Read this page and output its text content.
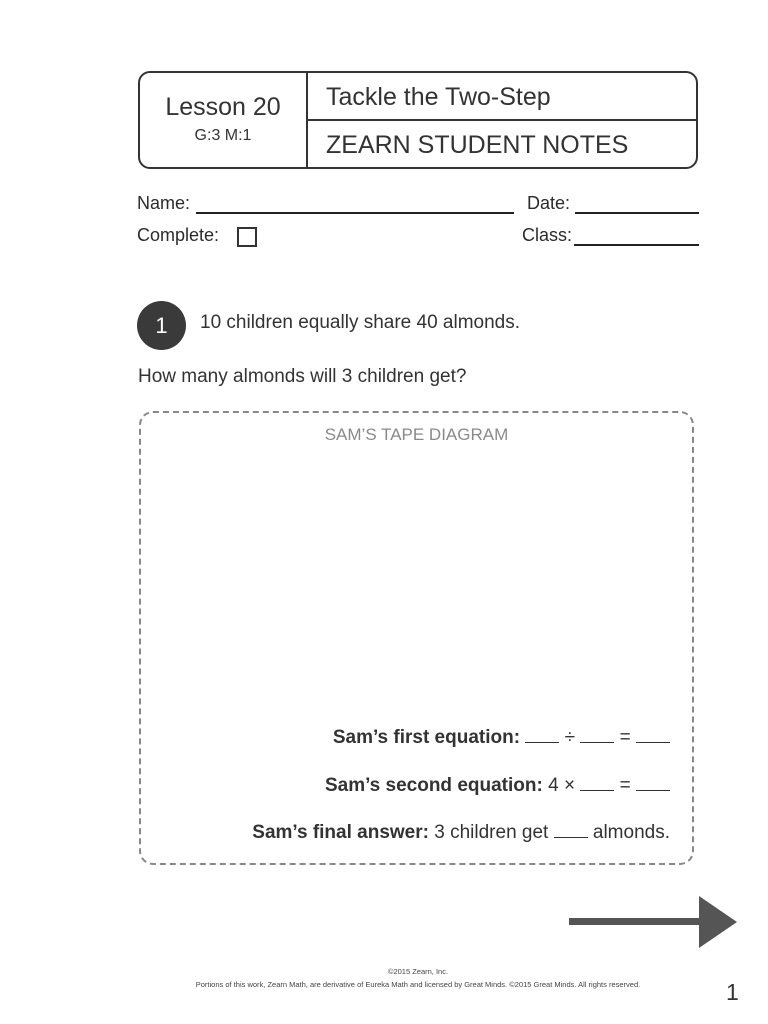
Lesson 20
G:3 M:1
Tackle the Two-Step
ZEARN STUDENT NOTES
Name:	Date:
Complete:	Class:
1	10 children equally share 40 almonds.
How many almonds will 3 children get?
SAM’S TAPE DIAGRAM
Sam’s first equation: ÷ =
Sam’s second equation: 4 × =
Sam’s final answer: 3 children get almonds.
©2015 Zearn, Inc.
Portions of this work, Zearn Math, are derivative of Eureka Math and licensed by Great Minds. ©2015 Great Minds. All rights reserved.	1
